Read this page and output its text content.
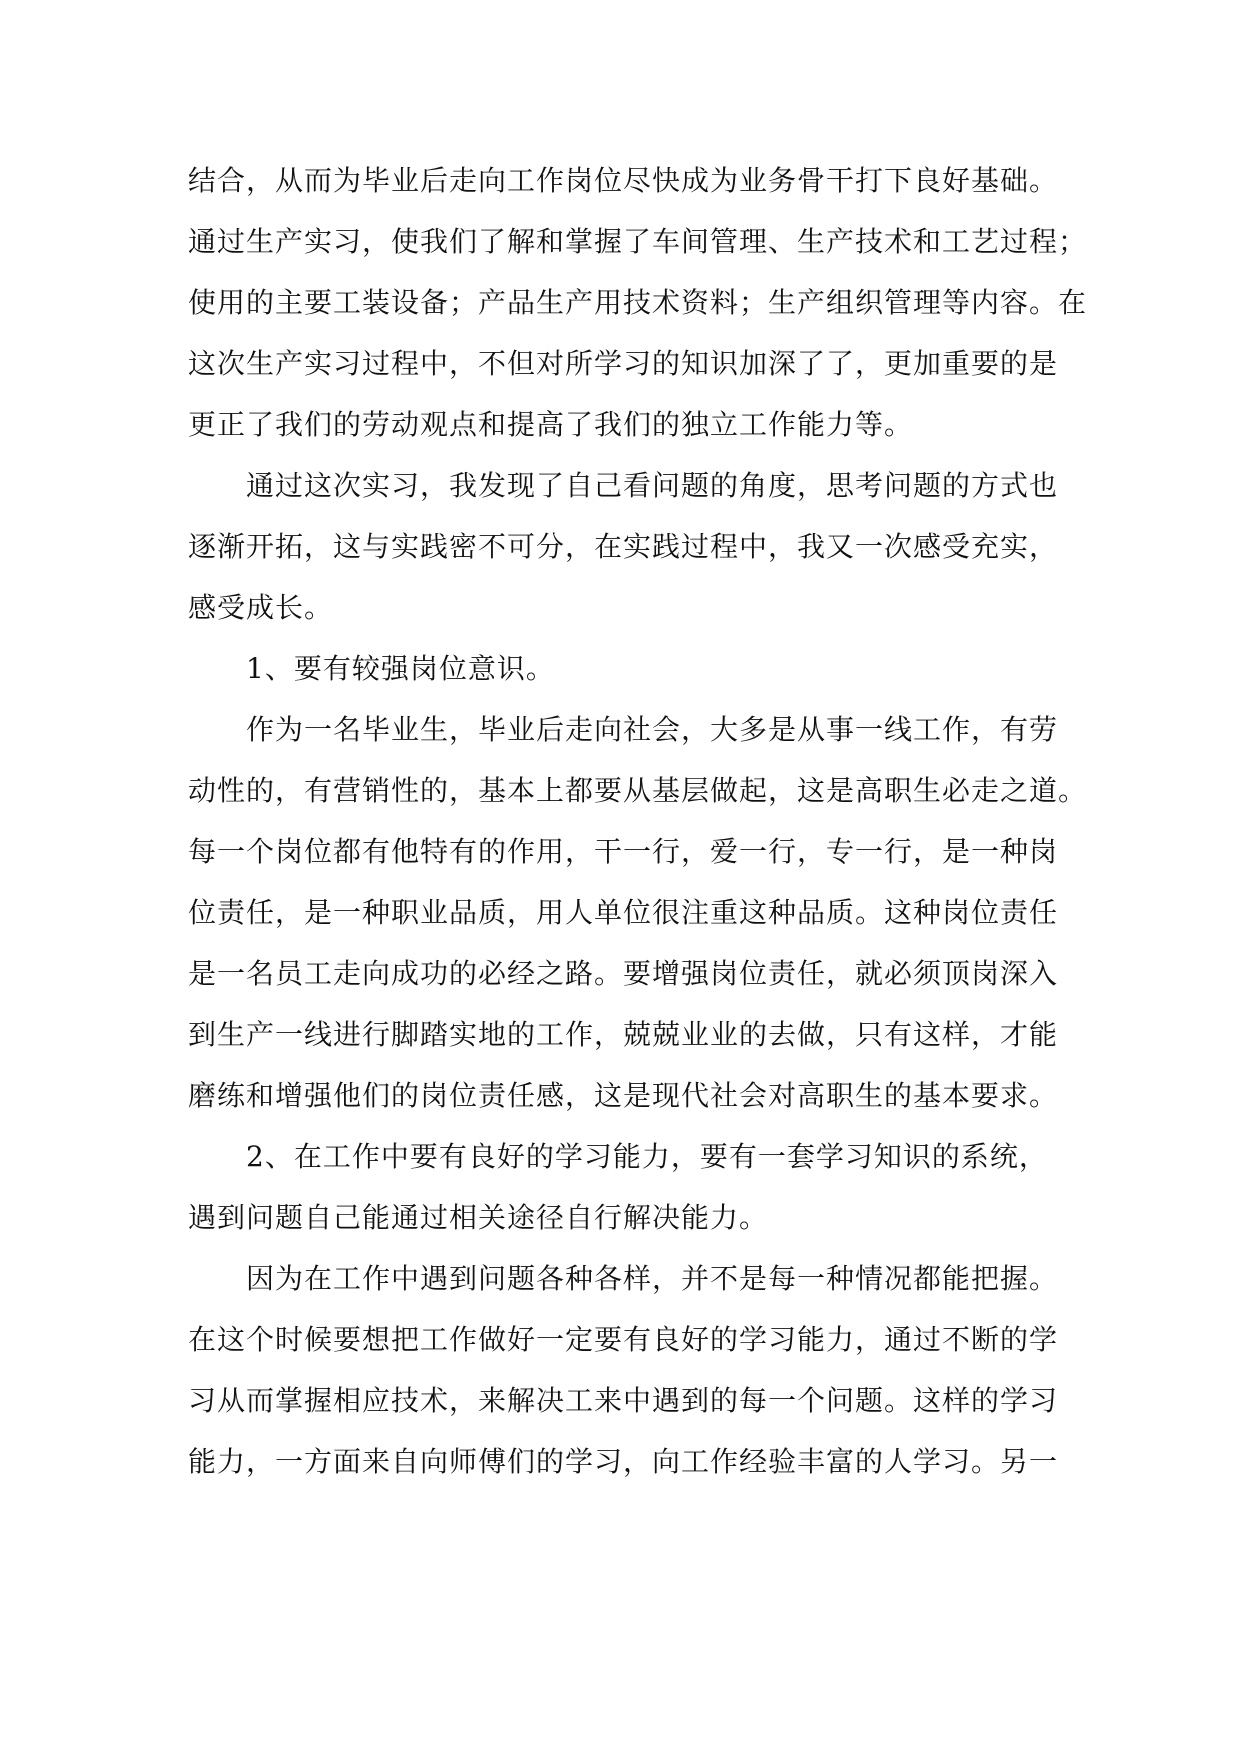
结合，从而为毕业后走向工作岗位尽快成为业务骨干打下良好基础。
通过生产实习，使我们了解和掌握了车间管理、生产技术和工艺过程；
使用的主要工装设备；产品生产用技术资料；生产组织管理等内容。在
这次生产实习过程中，不但对所学习的知识加深了了，更加重要的是
更正了我们的劳动观点和提高了我们的独立工作能力等。
通过这次实习，我发现了自己看问题的角度，思考问题的方式也
逐渐开拓，这与实践密不可分，在实践过程中，我又一次感受充实，
感受成长。
1、要有较强岗位意识。
作为一名毕业生，毕业后走向社会，大多是从事一线工作，有劳
动性的，有营销性的，基本上都要从基层做起，这是高职生必走之道。
每一个岗位都有他特有的作用，干一行，爱一行，专一行，是一种岗
位责任，是一种职业品质，用人单位很注重这种品质。这种岗位责任
是一名员工走向成功的必经之路。要增强岗位责任，就必须顶岗深入
到生产一线进行脚踏实地的工作，兢兢业业的去做，只有这样，才能
磨练和增强他们的岗位责任感，这是现代社会对高职生的基本要求。
2、在工作中要有良好的学习能力，要有一套学习知识的系统，
遇到问题自己能通过相关途径自行解决能力。
因为在工作中遇到问题各种各样，并不是每一种情况都能把握。
在这个时候要想把工作做好一定要有良好的学习能力，通过不断的学
习从而掌握相应技术，来解决工来中遇到的每一个问题。这样的学习
能力，一方面来自向师傅们的学习，向工作经验丰富的人学习。另一
